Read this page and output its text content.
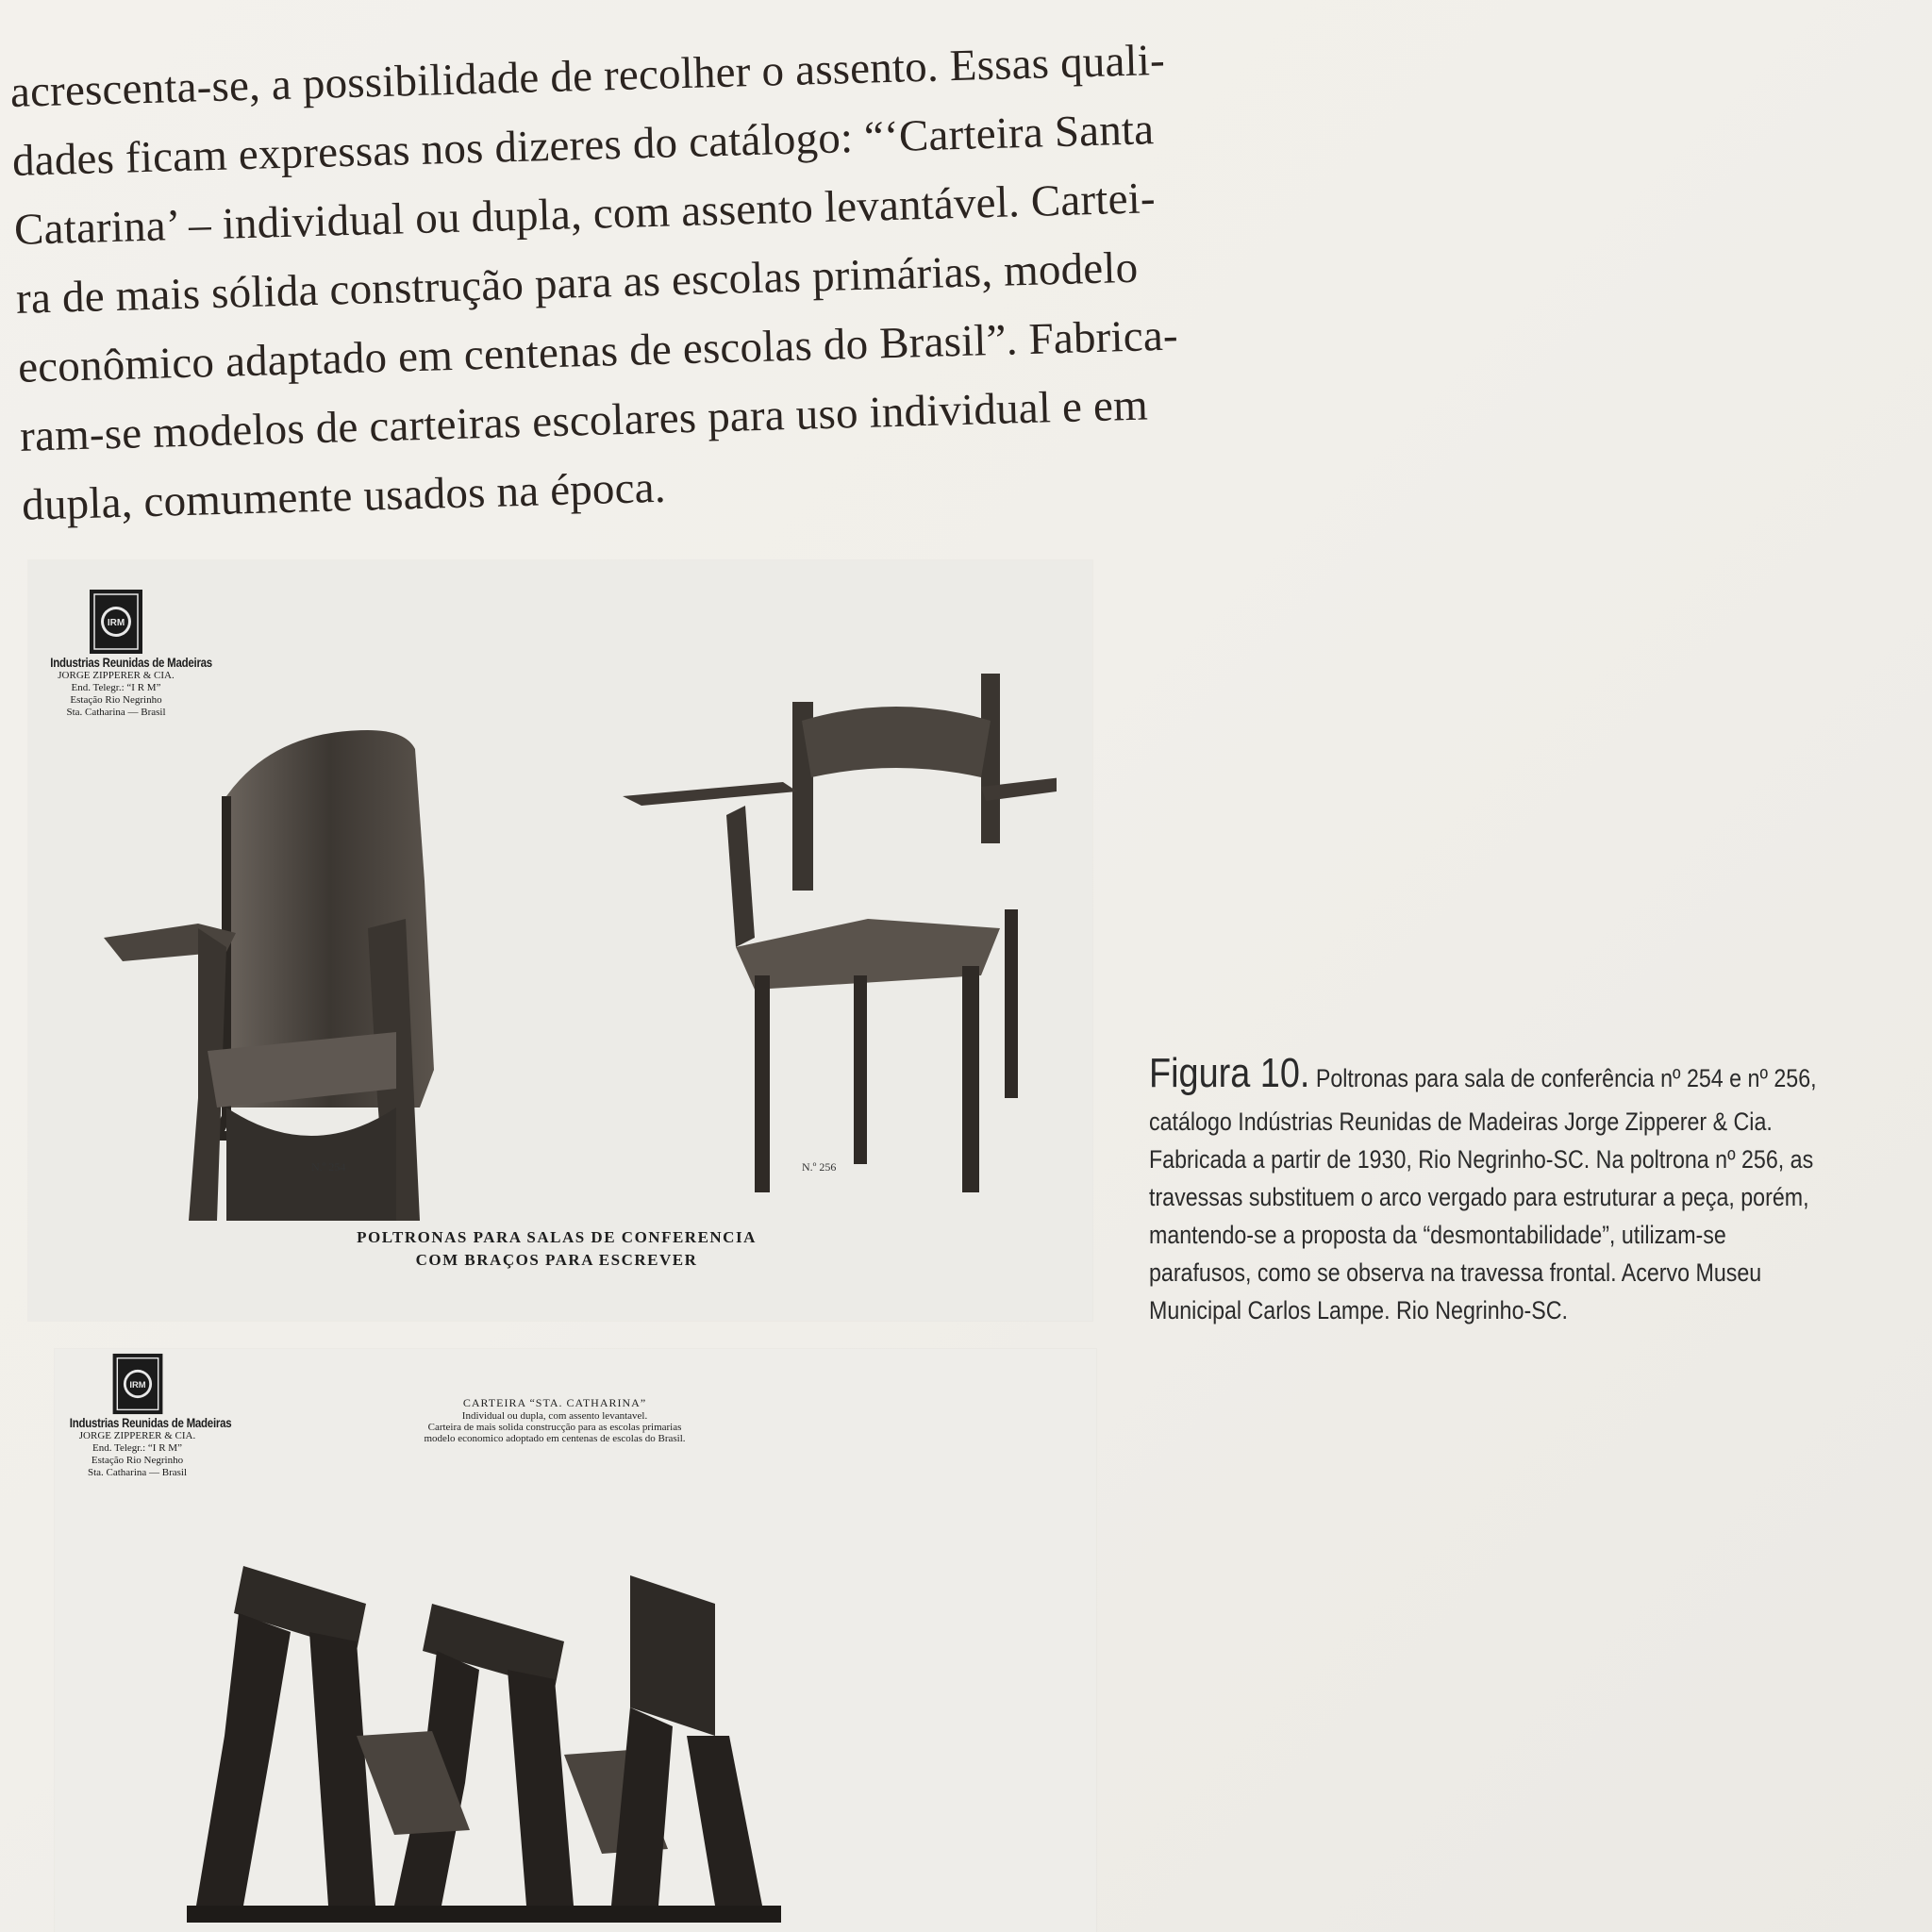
acrescenta-se, a possibilidade de recolher o assento. Essas quali-
dades ficam expressas nos dizeres do catálogo: “‘Carteira Santa
Catarina’ – individual ou dupla, com assento levantável. Cartei-
ra de mais sólida construção para as escolas primárias, modelo
econômico adaptado em centenas de escolas do Brasil”. Fabrica-
ram-se modelos de carteiras escolares para uso individual e em
dupla, comumente usados na época.
IRM
Industrias Reunidas de Madeiras
JORGE ZIPPERER & CIA.
End. Telegr.: “I R M”
Estação Rio Negrinho
Sta. Catharina — Brasil
N.º 254	N.º 256
POLTRONAS PARA SALAS DE CONFERENCIA
COM BRAÇOS PARA ESCREVER
IRM
Industrias Reunidas de Madeiras
JORGE ZIPPERER & CIA.
End. Telegr.: “I R M”
Estação Rio Negrinho
Sta. Catharina — Brasil
CARTEIRA “STA. CATHARINA”
Individual ou dupla, com assento levantavel.
Carteira de mais solida construcção para as escolas primarias
modelo economico adoptado em centenas de escolas do Brasil.
Figura 10. Poltronas para sala de conferência nº 254 e nº 256,
catálogo Indústrias Reunidas de Madeiras Jorge Zipperer & Cia.
Fabricada a partir de 1930, Rio Negrinho-SC. Na poltrona nº 256, as
travessas substituem o arco vergado para estruturar a peça, porém,
mantendo-se a proposta da “desmontabilidade”, utilizam-se
parafusos, como se observa na travessa frontal. Acervo Museu
Municipal Carlos Lampe. Rio Negrinho-SC.
